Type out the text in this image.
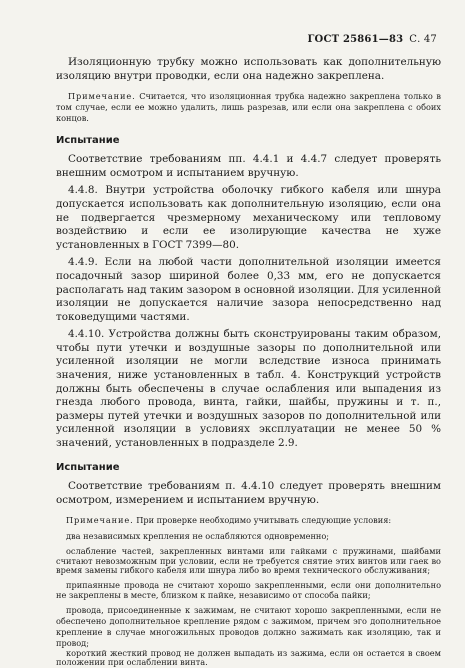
ГОСТ 25861—83 С. 47

Изоляционную трубку можно использовать как дополнительную изоляцию внутри проводки, если она надежно закреплена.

Примечание. Считается, что изоляционная трубка надежно закреплена только в том случае, если ее можно удалить, лишь разрезав, или если она закреплена с обоих концов.

Испытание

Соответствие требованиям пп. 4.4.1 и 4.4.7 следует проверять внешним осмотром и испытанием вручную.

4.4.8. Внутри устройства оболочку гибкого кабеля или шнура допускается использовать как дополнительную изоляцию, если она не подвергается чрезмерному механическому или тепловому воздействию и если ее изолирующие качества не хуже установленных в ГОСТ 7399—80.

4.4.9. Если на любой части дополнительной изоляции имеется посадочный зазор шириной более 0,33 мм, его не допускается располагать над таким зазором в основной изоляции. Для усиленной изоляции не допускается наличие зазора непосредственно над токоведущими частями.

4.4.10. Устройства должны быть сконструированы таким образом, чтобы пути утечки и воздушные зазоры по дополнительной или усиленной изоляции не могли вследствие износа принимать значения, ниже установленных в табл. 4. Конструкций устройств должны быть обеспечены в случае ослабления или выпадения из гнезда любого провода, винта, гайки, шайбы, пружины и т. п., размеры путей утечки и воздушных зазоров по дополнительной или усиленной изоляции в условиях эксплуатации не менее 50 % значений, установленных в подразделе 2.9.

Испытание

Соответствие требованиям п. 4.4.10 следует проверять внешним осмотром, измерением и испытанием вручную.

Примечание. При проверке необходимо учитывать следующие условия:

два независимых крепления не ослабляются одновременно;

ослабление частей, закрепленных винтами или гайками с пружинами, шайбами считают невозможным при условии, если не требуется снятие этих винтов или гаек во время замены гибкого кабеля или шнура либо во время технического обслуживания;

припаянные провода не считают хорошо закрепленными, если они дополнительно не закреплены в месте, близком к пайке, независимо от способа пайки;

провода, присоединенные к зажимам, не считают хорошо закрепленными, если не обеспечено дополнительное крепление рядом с зажимом, причем эго дополнительное крепление в случае многожильных проводов должно зажимать как изоляцию, так и провод;

короткий жесткий провод не должен выпадать из зажима, если он остается в своем положении при ослаблении винта.
